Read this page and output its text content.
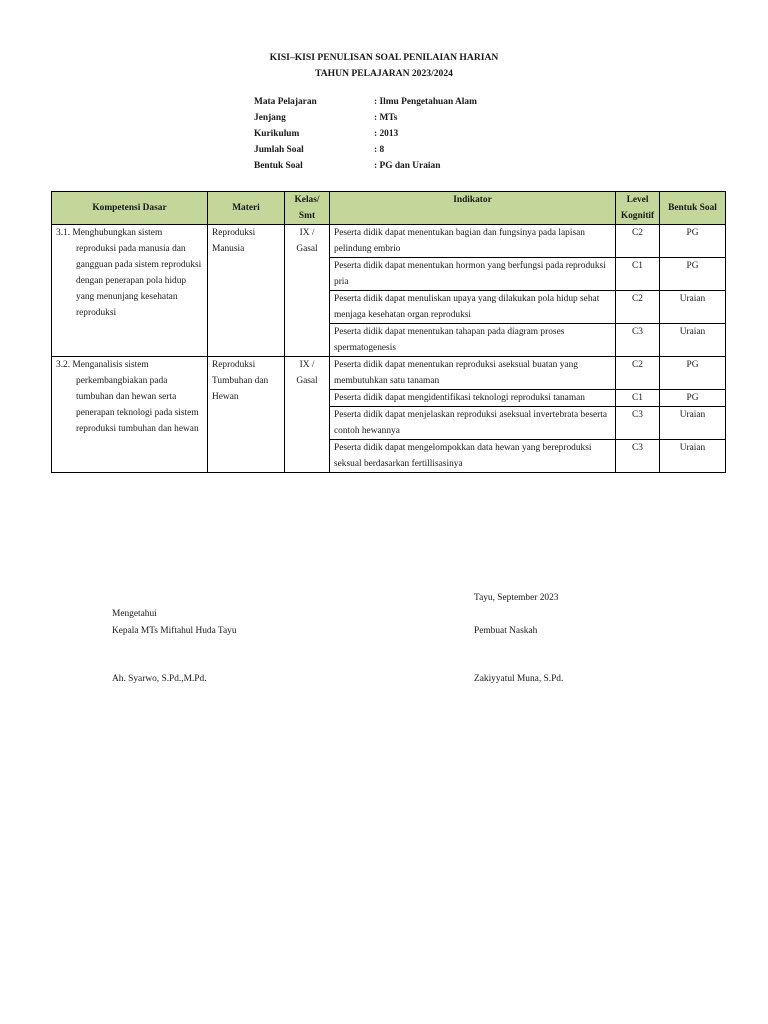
KISI–KISI PENULISAN SOAL PENILAIAN HARIAN
TAHUN PELAJARAN 2023/2024
Mata Pelajaran	: Ilmu Pengetahuan Alam
Jenjang	: MTs
Kurikulum	: 2013
Jumlah Soal	: 8
Bentuk Soal	: PG dan Uraian
Kompetensi Dasar	Materi	Kelas/ Smt	Indikator	Level Kognitif	Bentuk Soal

3.1. Menghubungkan sistem reproduksi pada manusia dan gangguan pada sistem reproduksi dengan penerapan pola hidup yang menunjang kesehatan reproduksi	Reproduksi Manusia	IX / Gasal	Peserta didik dapat menentukan bagian dan fungsinya pada lapisan pelindung embrio	C2	PG
			Peserta didik dapat menentukan hormon yang berfungsi pada reproduksi pria	C1	PG
			Peserta didik dapat menuliskan upaya yang dilakukan pola hidup sehat menjaga kesehatan organ reproduksi	C2	Uraian
			Peserta didik dapat menentukan tahapan pada diagram proses spermatogenesis	C3	Uraian

3.2. Menganalisis sistem perkembangbiakan pada tumbuhan dan hewan serta penerapan teknologi pada sistem reproduksi tumbuhan dan hewan	Reproduksi Tumbuhan dan Hewan	IX / Gasal	Peserta didik dapat menentukan reproduksi aseksual buatan yang membutuhkan satu tanaman	C2	PG
			Peserta didik dapat mengidentifikasi teknologi reproduksi tanaman	C1	PG
			Peserta didik dapat menjelaskan reproduksi aseksual invertebrata beserta contoh hewannya	C3	Uraian
			Peserta didik dapat mengelompokkan data hewan yang bereproduksi seksual berdasarkan fertillisasinya	C3	Uraian
Tayu, September 2023
Mengetahui
Kepala MTs Miftahul Huda Tayu	Pembuat Naskah
Ah. Syarwo, S.Pd.,M.Pd.	Zakiyyatul Muna, S.Pd.
